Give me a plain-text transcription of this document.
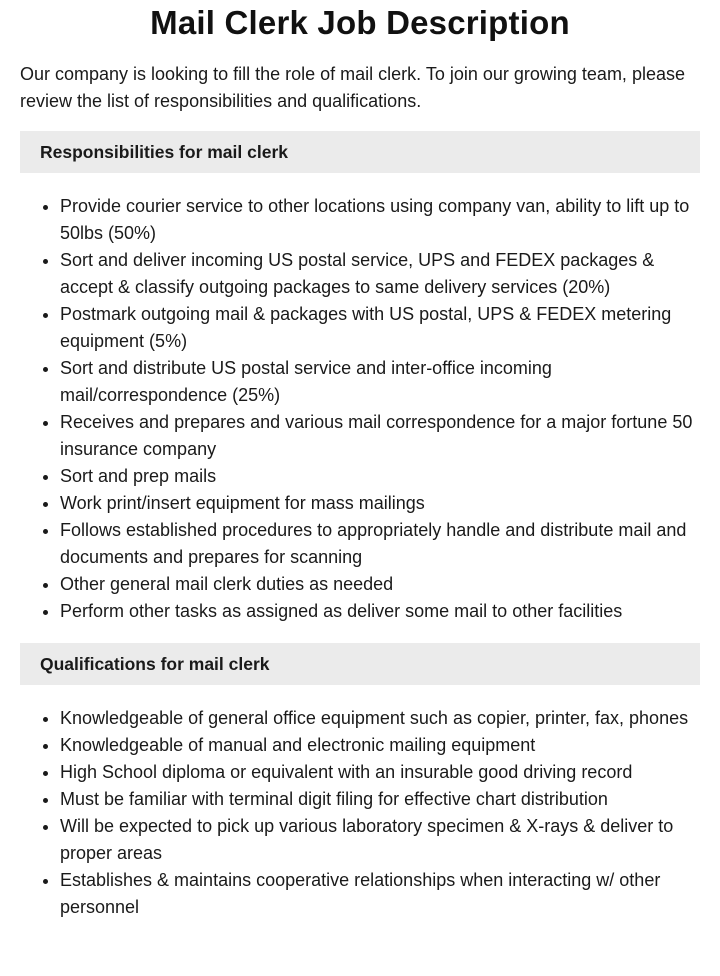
Mail Clerk Job Description

Our company is looking to fill the role of mail clerk. To join our growing team, please review the list of responsibilities and qualifications.

Responsibilities for mail clerk
• Provide courier service to other locations using company van, ability to lift up to 50lbs (50%)
• Sort and deliver incoming US postal service, UPS and FEDEX packages & accept & classify outgoing packages to same delivery services (20%)
• Postmark outgoing mail & packages with US postal, UPS & FEDEX metering equipment (5%)
• Sort and distribute US postal service and inter-office incoming mail/correspondence (25%)
• Receives and prepares and various mail correspondence for a major fortune 50 insurance company
• Sort and prep mails
• Work print/insert equipment for mass mailings
• Follows established procedures to appropriately handle and distribute mail and documents and prepares for scanning
• Other general mail clerk duties as needed
• Perform other tasks as assigned as deliver some mail to other facilities
Qualifications for mail clerk
• Knowledgeable of general office equipment such as copier, printer, fax, phones
• Knowledgeable of manual and electronic mailing equipment
• High School diploma or equivalent with an insurable good driving record
• Must be familiar with terminal digit filing for effective chart distribution
• Will be expected to pick up various laboratory specimen & X-rays & deliver to proper areas
• Establishes & maintains cooperative relationships when interacting w/ other personnel
